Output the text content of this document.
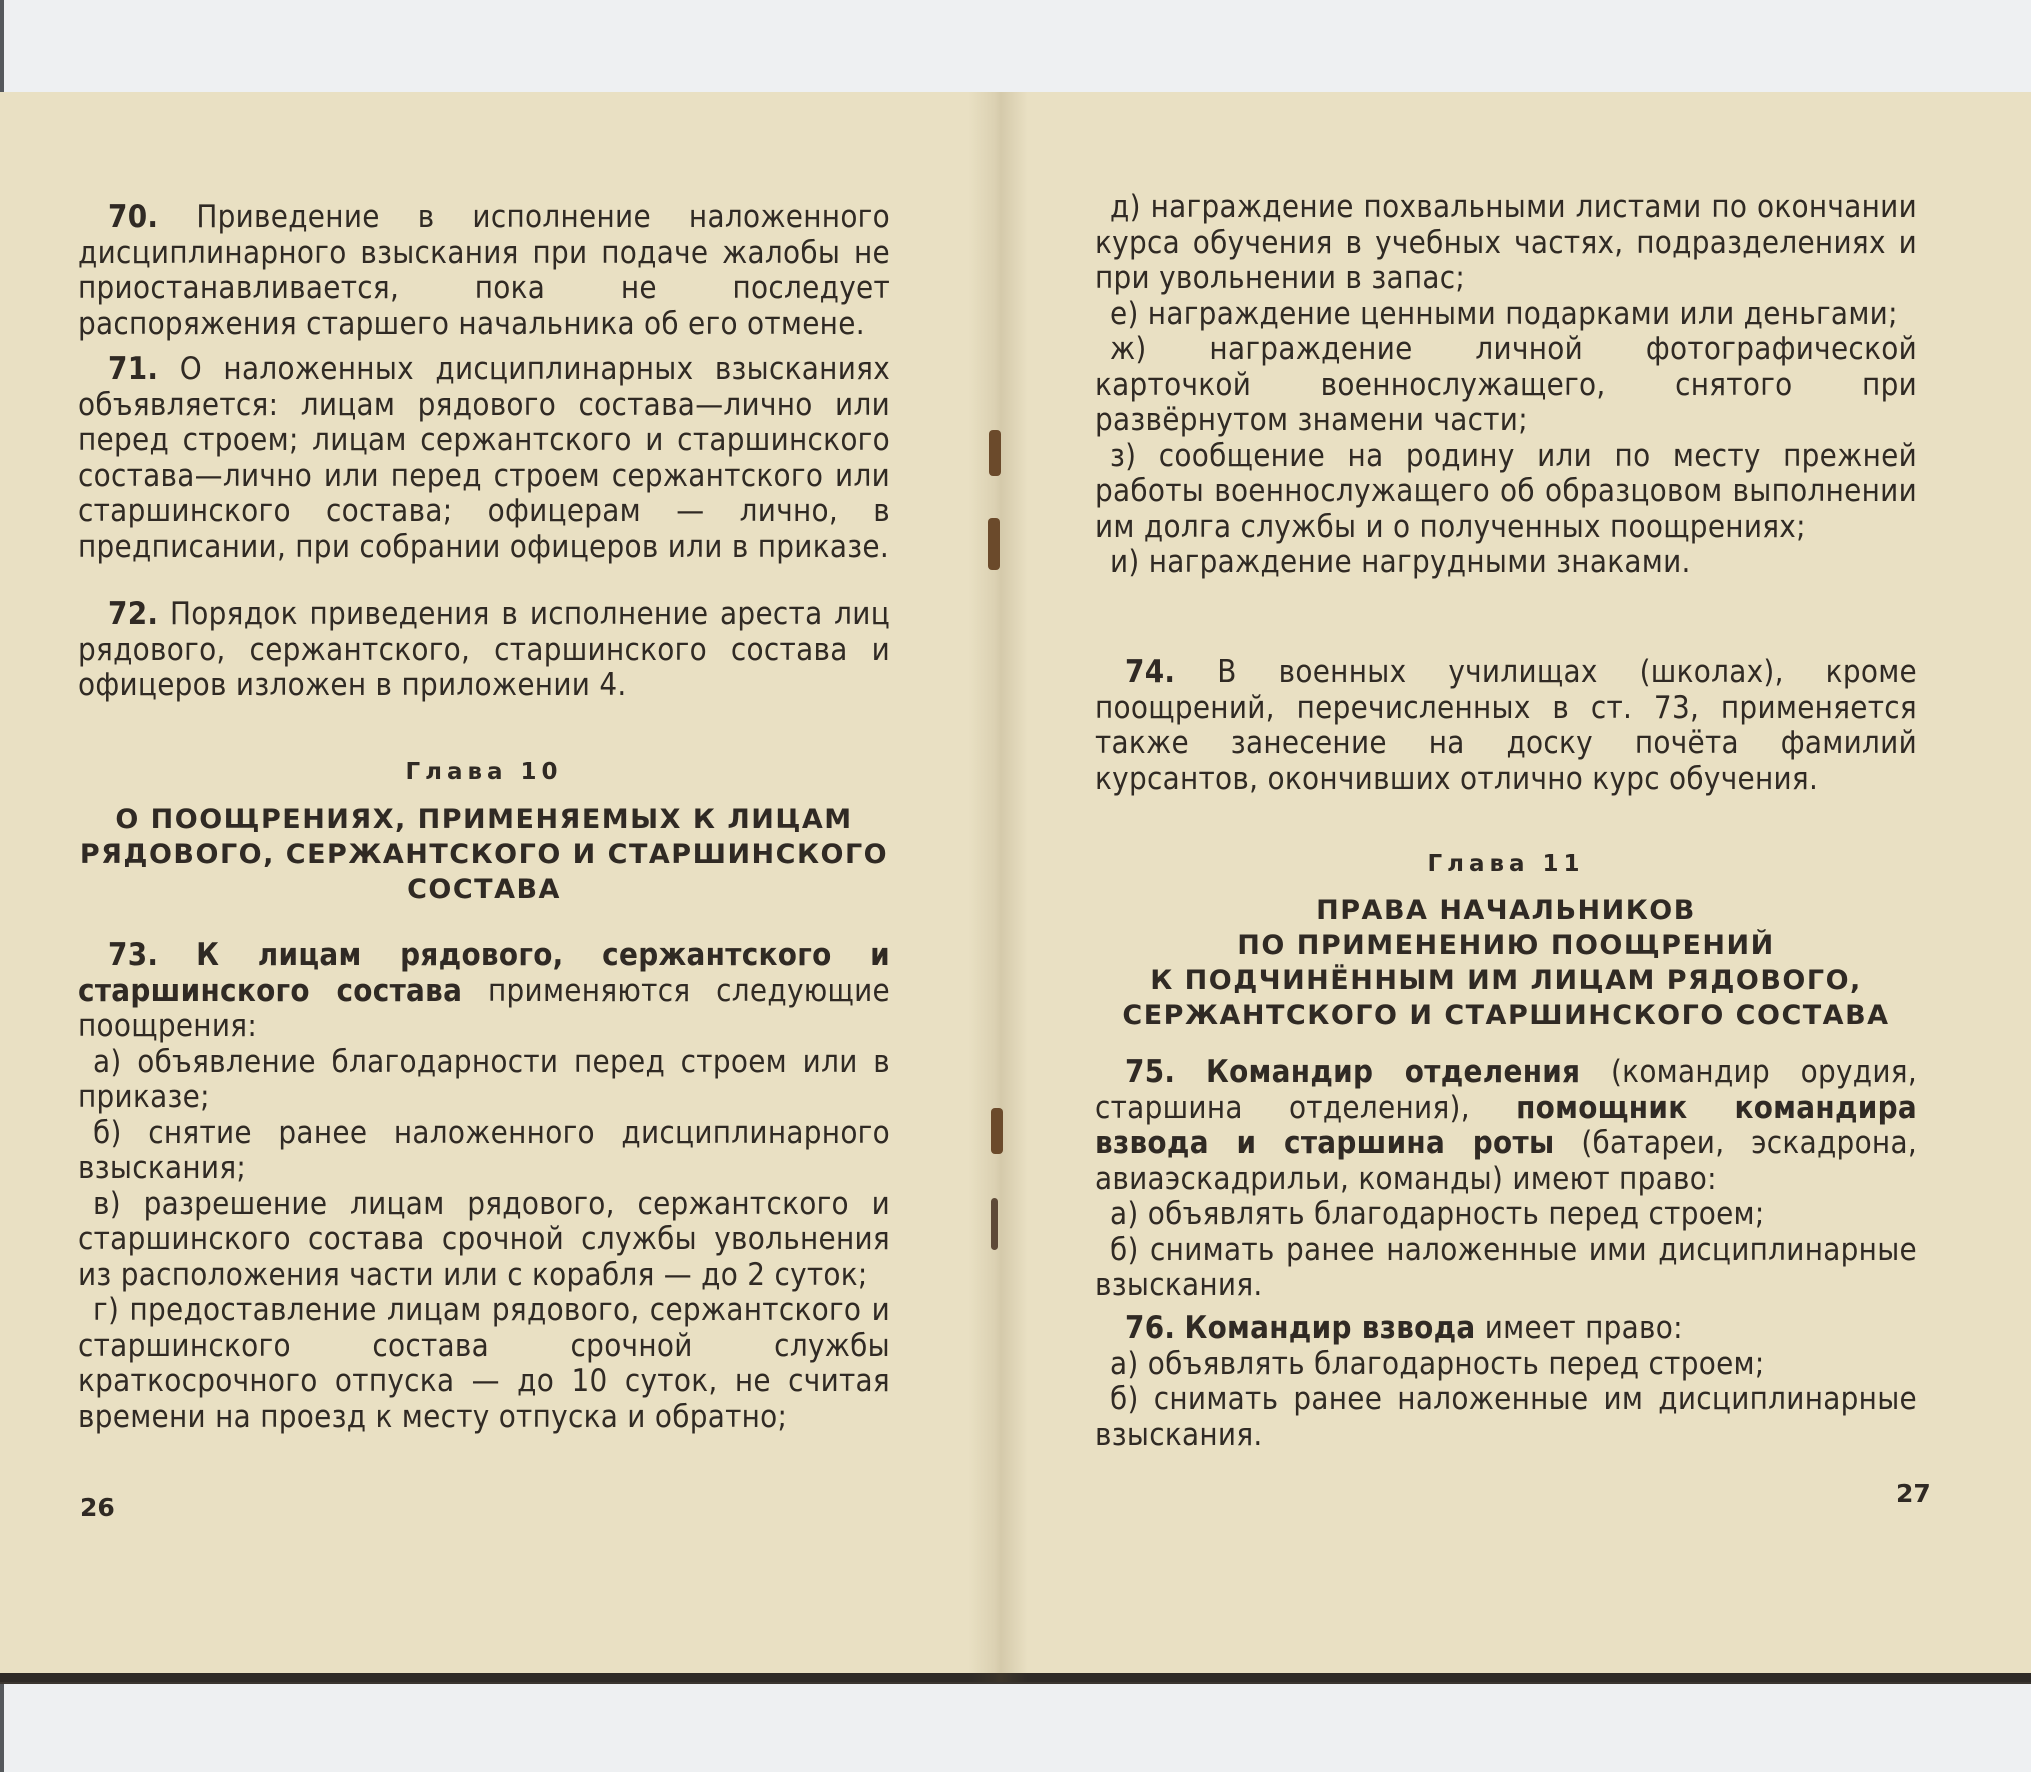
70. Приведение в исполнение наложенного дисциплинарного взыскания при подаче жалобы не приостанавливается, пока не последует распоряжения старшего начальника об его отмене.

71. О наложенных дисциплинарных взысканиях объявляется: лицам рядового состава—лично или перед строем; лицам сержантского и старшинского состава—лично или перед строем сержантского или старшинского состава; офицерам — лично, в предписании, при собрании офицеров или в приказе.

72. Порядок приведения в исполнение ареста лиц рядового, сержантского, старшинского состава и офицеров изложен в приложении 4.

Глава 10
О ПООЩРЕНИЯХ, ПРИМЕНЯЕМЫХ К ЛИЦАМ
РЯДОВОГО, СЕРЖАНТСКОГО И СТАРШИНСКОГО
СОСТАВА

73. К лицам рядового, сержантского и старшинского состава применяются следующие поощрения:

а) объявление благодарности перед строем или в приказе;

б) снятие ранее наложенного дисциплинарного взыскания;

в) разрешение лицам рядового, сержантского и старшинского состава срочной службы увольнения из расположения части или с корабля — до 2 суток;

г) предоставление лицам рядового, сержантского и старшинского состава срочной службы краткосрочного отпуска — до 10 суток, не считая времени на проезд к месту отпуска и обратно;

26

д) награждение похвальными листами по окончании курса обучения в учебных частях, подразделениях и при увольнении в запас;

е) награждение ценными подарками или деньгами;

ж) награждение личной фотографической карточкой военнослужащего, снятого при развёрнутом знамени части;

з) сообщение на родину или по месту прежней работы военнослужащего об образцовом выполнении им долга службы и о полученных поощрениях;

и) награждение нагрудными знаками.

74. В военных училищах (школах), кроме поощрений, перечисленных в ст. 73, применяется также занесение на доску почёта фамилий курсантов, окончивших отлично курс обучения.

Глава 11
ПРАВА НАЧАЛЬНИКОВ
ПО ПРИМЕНЕНИЮ ПООЩРЕНИЙ
К ПОДЧИНЁННЫМ ИМ ЛИЦАМ РЯДОВОГО,
СЕРЖАНТСКОГО И СТАРШИНСКОГО СОСТАВА

75. Командир отделения (командир орудия, старшина отделения), помощник командира взвода и старшина роты (батареи, эскадрона, авиаэскадрильи, команды) имеют право:

а) объявлять благодарность перед строем;

б) снимать ранее наложенные ими дисциплинарные взыскания.

76. Командир взвода имеет право:

а) объявлять благодарность перед строем;

б) снимать ранее наложенные им дисциплинарные взыскания.

27
